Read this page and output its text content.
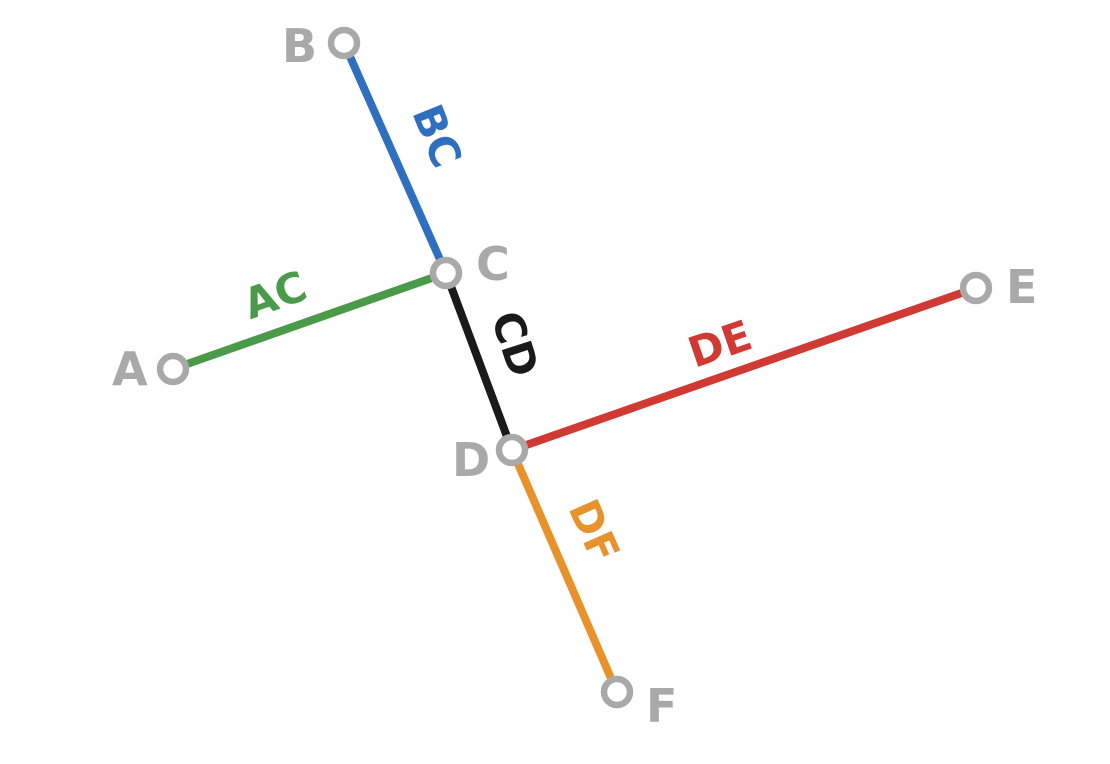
AC
BC
CD	DE
DF
A
B
C
D
E
F
